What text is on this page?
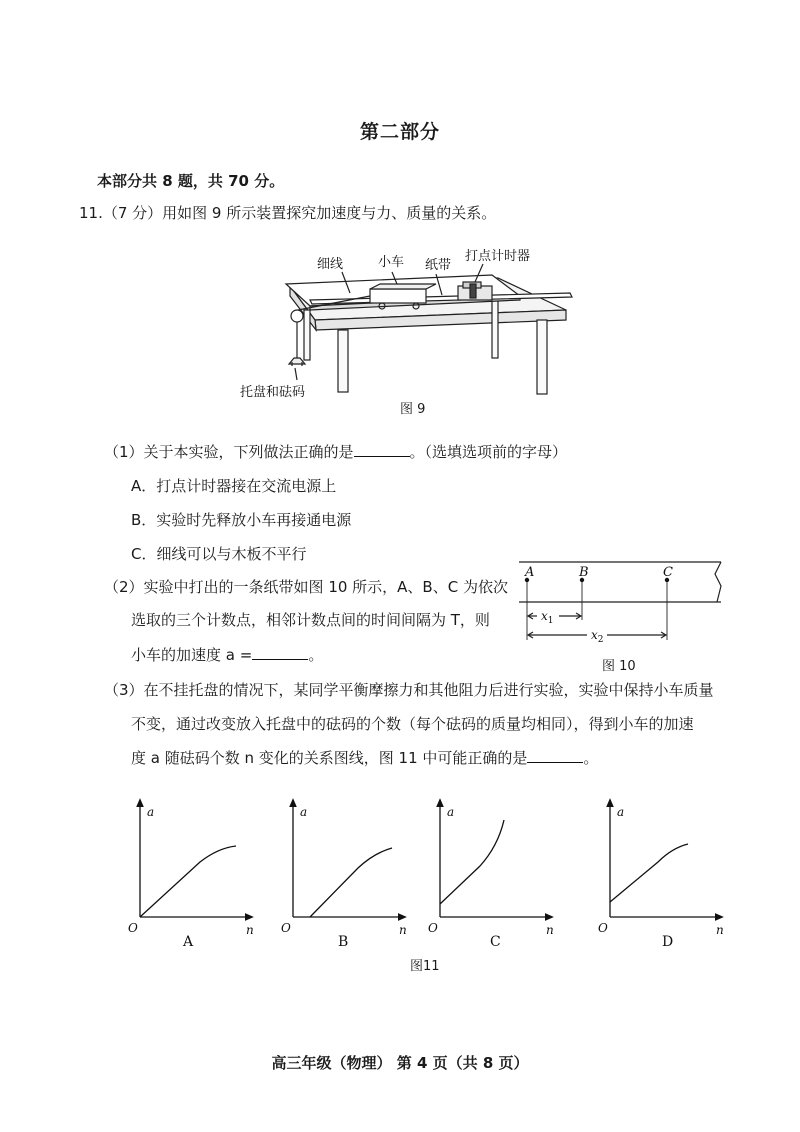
第二部分
本部分共 8 题，共 70 分。
11.（7 分）用如图 9 所示装置探究加速度与力、质量的关系。
细线	小车 纸带
打点计时器
托盘和砝码
图 9
（1）关于本实验，下列做法正确的是	。（选填选项前的字母）
A．打点计时器接在交流电源上
B．实验时先释放小车再接通电源
C．细线可以与木板不平行
（2）实验中打出的一条纸带如图 10 所示，A、B、C 为依次
选取的三个计数点，相邻计数点间的时间间隔为 T，则
小车的加速度 a =	。
A	B	C
$x_1$
$x_2$
图 10
（3）在不挂托盘的情况下，某同学平衡摩擦力和其他阻力后进行实验，实验中保持小车质量
不变，通过改变放入托盘中的砝码的个数（每个砝码的质量均相同），得到小车的加速
度 a 随砝码个数 n 变化的关系图线，图 11 中可能正确的是	。
a
n
O
A
a
n
O
B
a
n
O
C
a
n
O
D
图11
高三年级（物理） 第 4 页（共 8 页）
